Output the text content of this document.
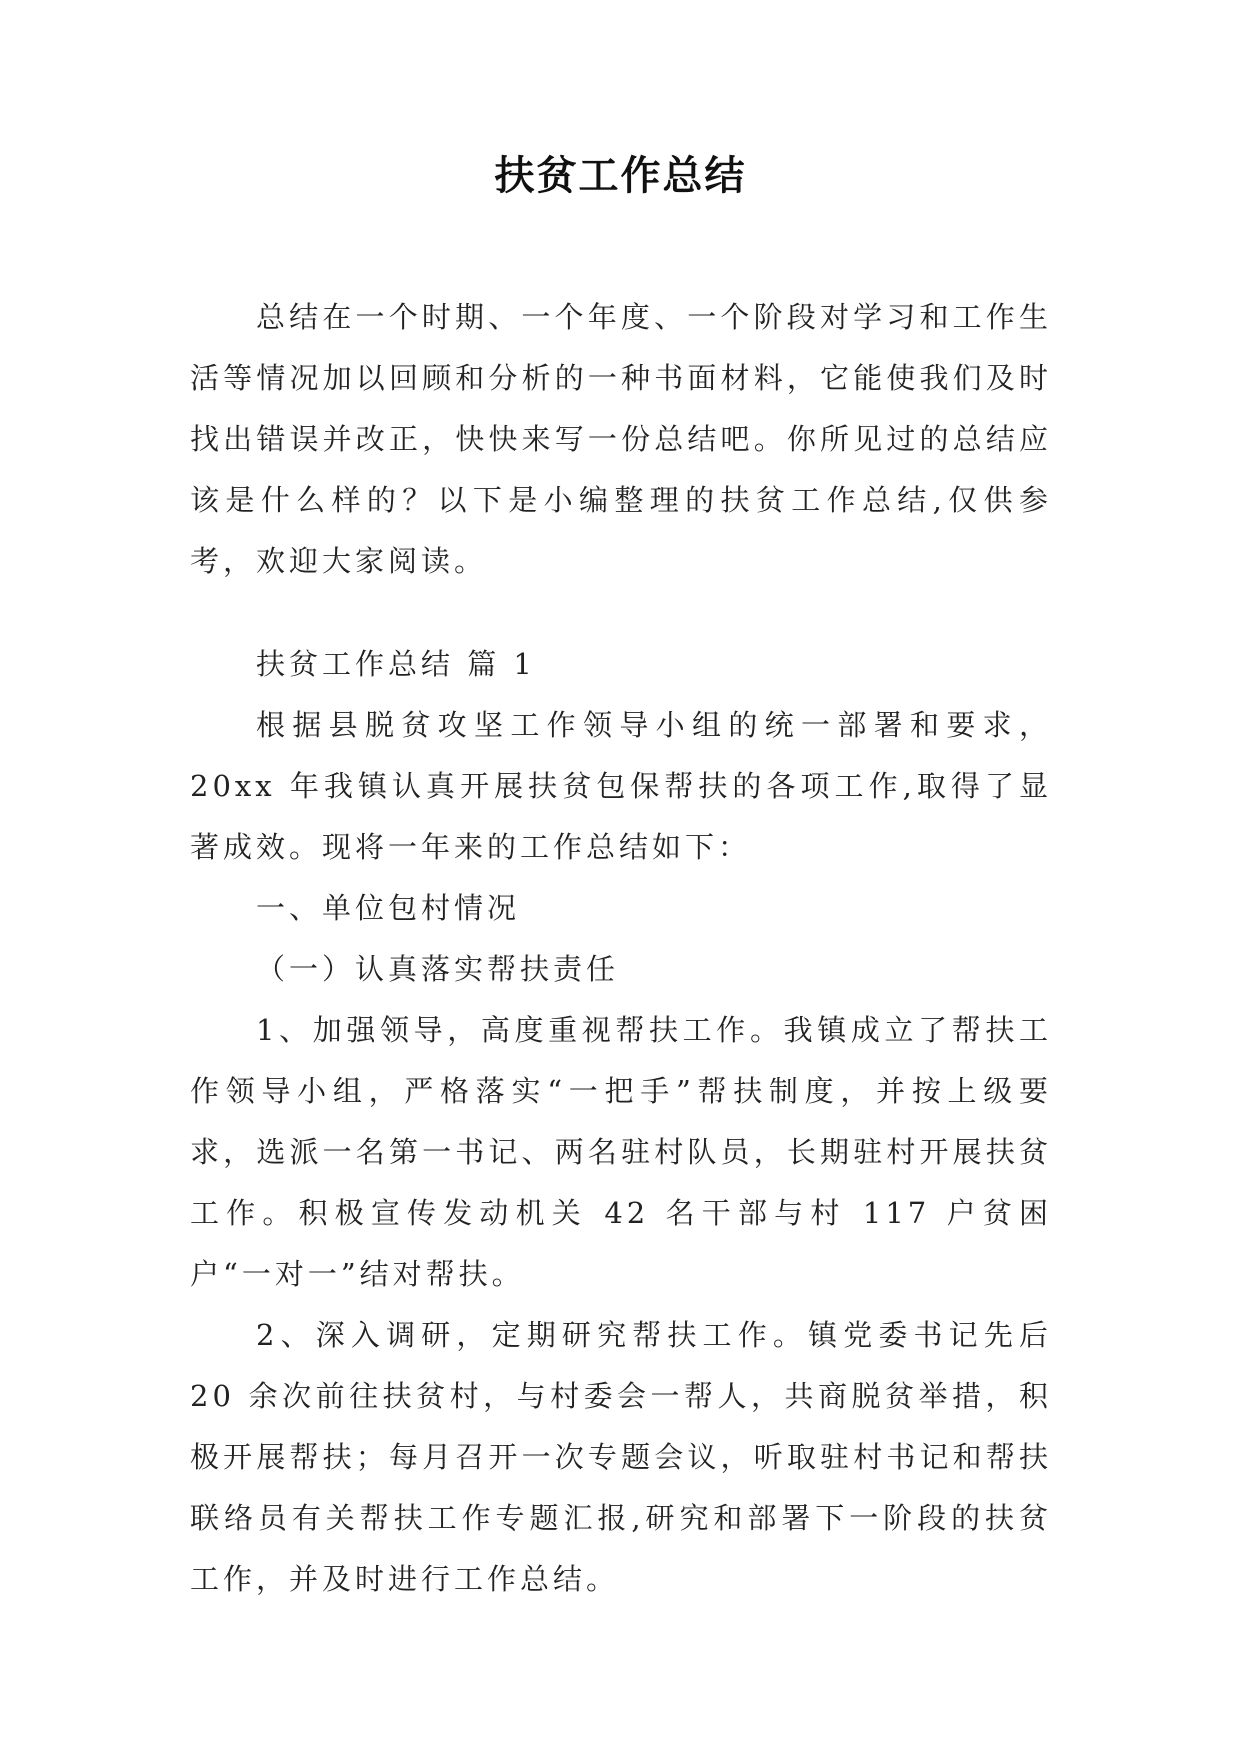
扶贫工作总结

总结在一个时期、一个年度、一个阶段对学习和工作生活等情况加以回顾和分析的一种书面材料，它能使我们及时找出错误并改正，快快来写一份总结吧。你所见过的总结应该是什么样的？以下是小编整理的扶贫工作总结,仅供参考，欢迎大家阅读。

扶贫工作总结 篇 1

根据县脱贫攻坚工作领导小组的统一部署和要求，20xx 年我镇认真开展扶贫包保帮扶的各项工作,取得了显著成效。现将一年来的工作总结如下：

一、单位包村情况

（一）认真落实帮扶责任

1、加强领导，高度重视帮扶工作。我镇成立了帮扶工作领导小组，严格落实“一把手”帮扶制度，并按上级要求，选派一名第一书记、两名驻村队员，长期驻村开展扶贫工作。积极宣传发动机关 42 名干部与村 117 户贫困户“一对一”结对帮扶。

2、深入调研，定期研究帮扶工作。镇党委书记先后 20 余次前往扶贫村，与村委会一帮人，共商脱贫举措，积极开展帮扶；每月召开一次专题会议，听取驻村书记和帮扶联络员有关帮扶工作专题汇报,研究和部署下一阶段的扶贫工作，并及时进行工作总结。
